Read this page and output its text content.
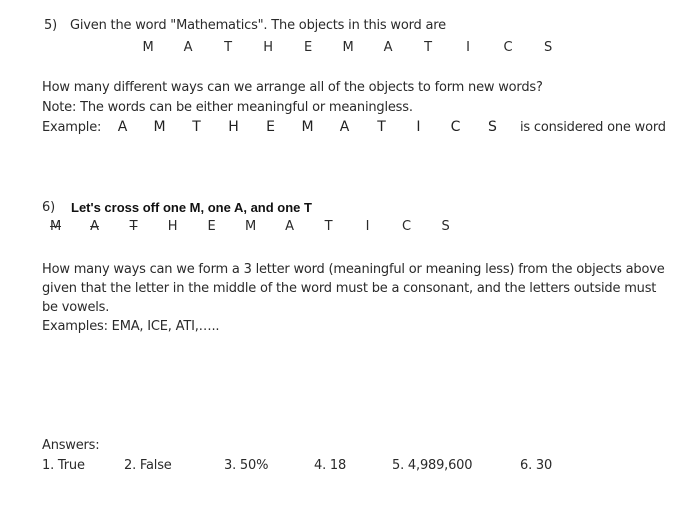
5) Given the word "Mathematics". The objects in this word are
M	A	T	H	E	M	A	T	I	C	S
How many different ways can we arrange all of the objects to form new words?
Note: The words can be either meaningful or meaningless.
Example:	A	M	T	H	E	M	A	T	I	C	S	is considered one word
6) Let's cross off one M, one A, and one T
M	A	T	H	E	M	A	T	I	C	S
How many ways can we form a 3 letter word (meaningful or meaning less) from the objects above given that the letter in the middle of the word must be a consonant, and the letters outside must be vowels.
Examples: EMA, ICE, ATI,…..
Answers:
1. True	2. False	3. 50%	4. 18	5. 4,989,600	6. 30
